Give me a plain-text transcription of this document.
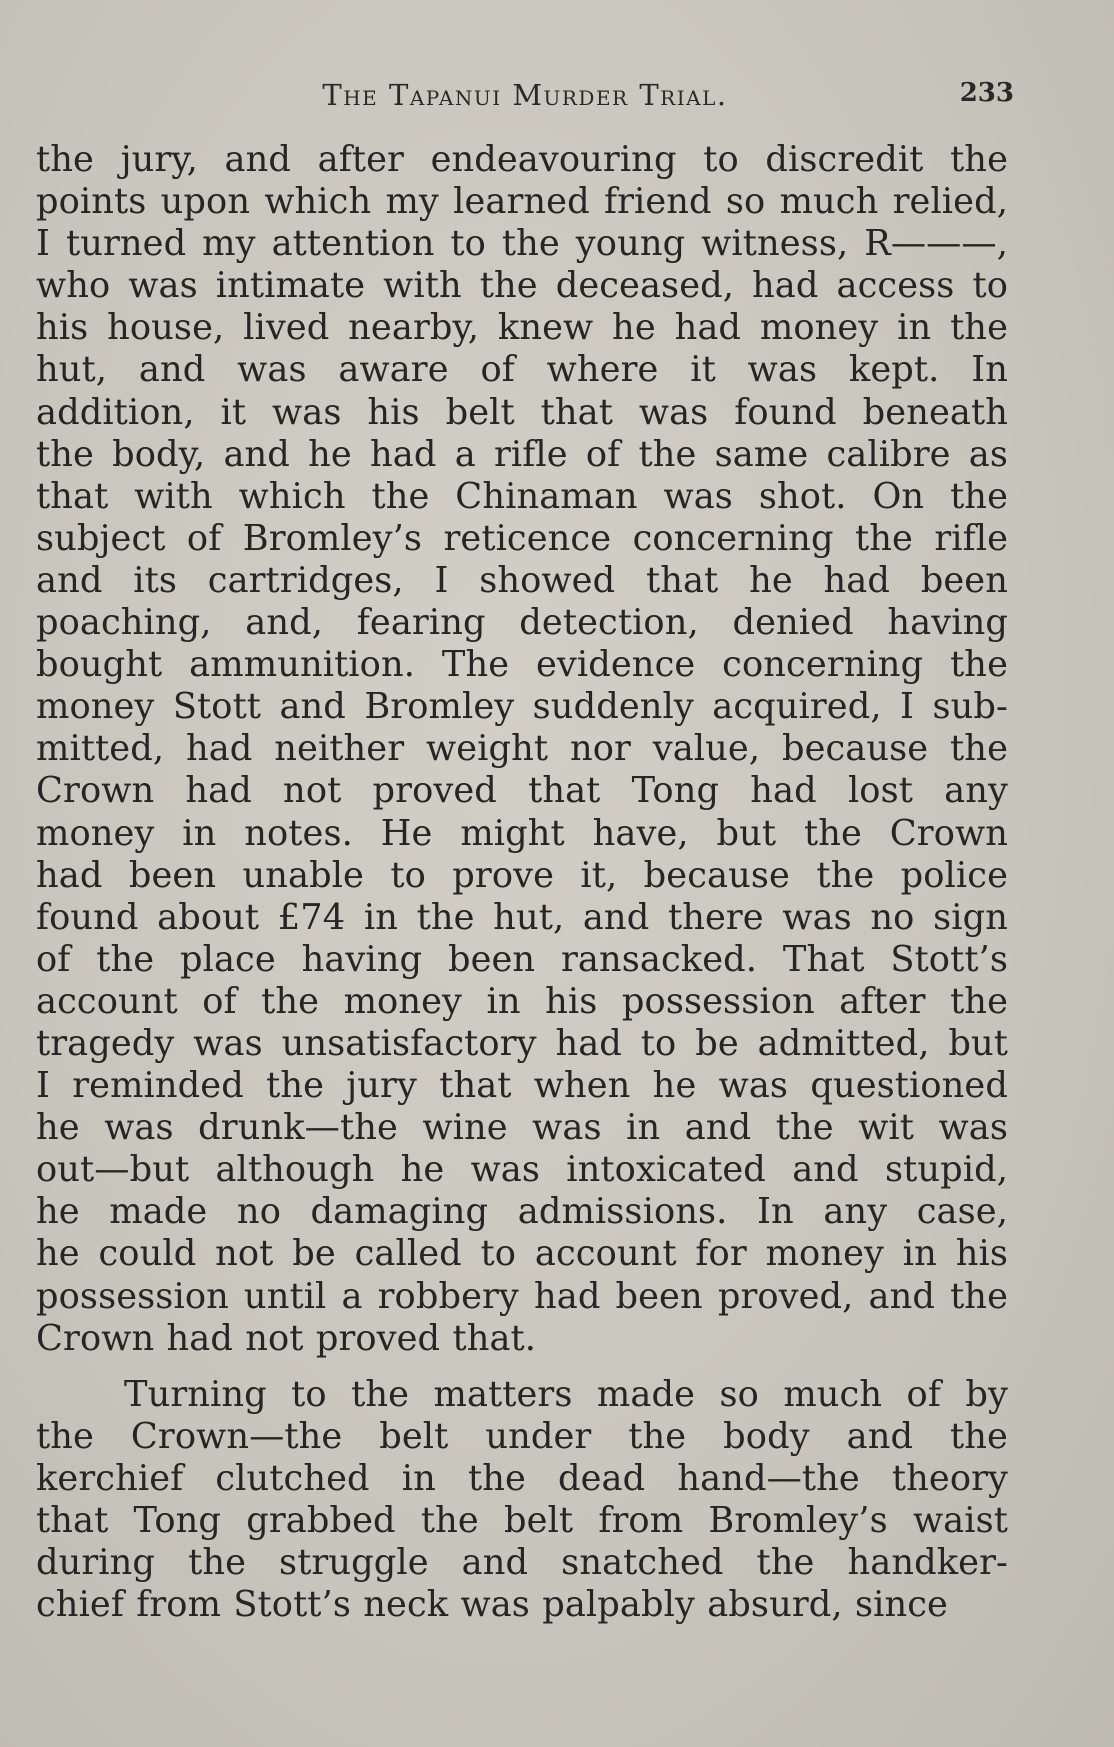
The Tapanui Murder Trial.	233

the jury, and after endeavouring to discredit the
points upon which my learned friend so much relied,
I turned my attention to the young witness, R———,
who was intimate with the deceased, had access to
his house, lived nearby, knew he had money in the
hut, and was aware of where it was kept. In
addition, it was his belt that was found beneath
the body, and he had a rifle of the same calibre as
that with which the Chinaman was shot. On the
subject of Bromley’s reticence concerning the rifle
and its cartridges, I showed that he had been
poaching, and, fearing detection, denied having
bought ammunition. The evidence concerning the
money Stott and Bromley suddenly acquired, I sub-
mitted, had neither weight nor value, because the
Crown had not proved that Tong had lost any
money in notes. He might have, but the Crown
had been unable to prove it, because the police
found about £74 in the hut, and there was no sign
of the place having been ransacked. That Stott’s
account of the money in his possession after the
tragedy was unsatisfactory had to be admitted, but
I reminded the jury that when he was questioned
he was drunk—the wine was in and the wit was
out—but although he was intoxicated and stupid,
he made no damaging admissions. In any case,
he could not be called to account for money in his
possession until a robbery had been proved, and the
Crown had not proved that.

Turning to the matters made so much of by
the Crown—the belt under the body and the
kerchief clutched in the dead hand—the theory
that Tong grabbed the belt from Bromley’s waist
during the struggle and snatched the handker-
chief from Stott’s neck was palpably absurd, since
